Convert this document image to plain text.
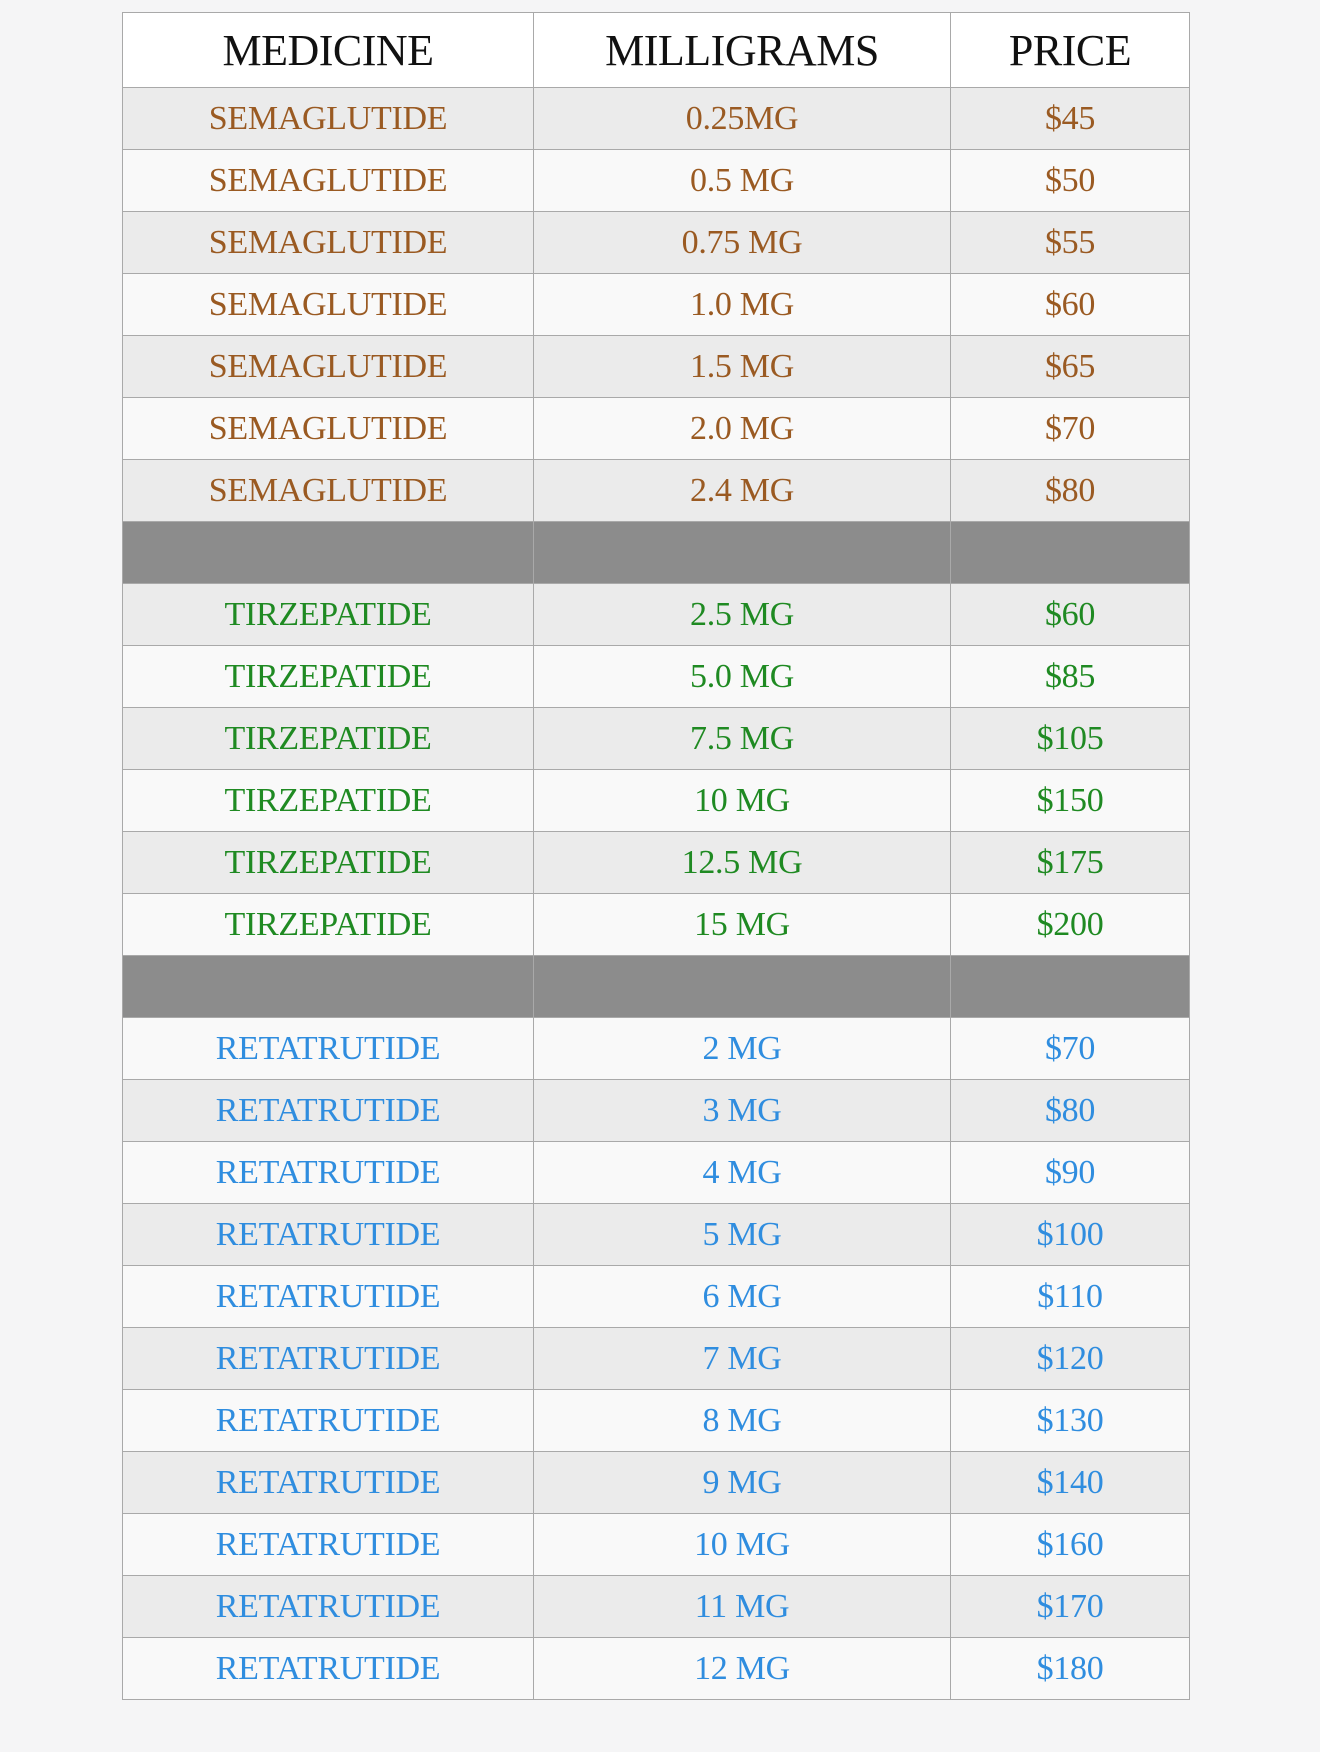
MEDICINE	MILLIGRAMS	PRICE
SEMAGLUTIDE	0.25MG	$45
SEMAGLUTIDE	0.5 MG	$50
SEMAGLUTIDE	0.75 MG	$55
SEMAGLUTIDE	1.0 MG	$60
SEMAGLUTIDE	1.5 MG	$65
SEMAGLUTIDE	2.0 MG	$70
SEMAGLUTIDE	2.4 MG	$80

TIRZEPATIDE	2.5 MG	$60
TIRZEPATIDE	5.0 MG	$85
TIRZEPATIDE	7.5 MG	$105
TIRZEPATIDE	10 MG	$150
TIRZEPATIDE	12.5 MG	$175
TIRZEPATIDE	15 MG	$200

RETATRUTIDE	2 MG	$70
RETATRUTIDE	3 MG	$80
RETATRUTIDE	4 MG	$90
RETATRUTIDE	5 MG	$100
RETATRUTIDE	6 MG	$110
RETATRUTIDE	7 MG	$120
RETATRUTIDE	8 MG	$130
RETATRUTIDE	9 MG	$140
RETATRUTIDE	10 MG	$160
RETATRUTIDE	11 MG	$170
RETATRUTIDE	12 MG	$180
